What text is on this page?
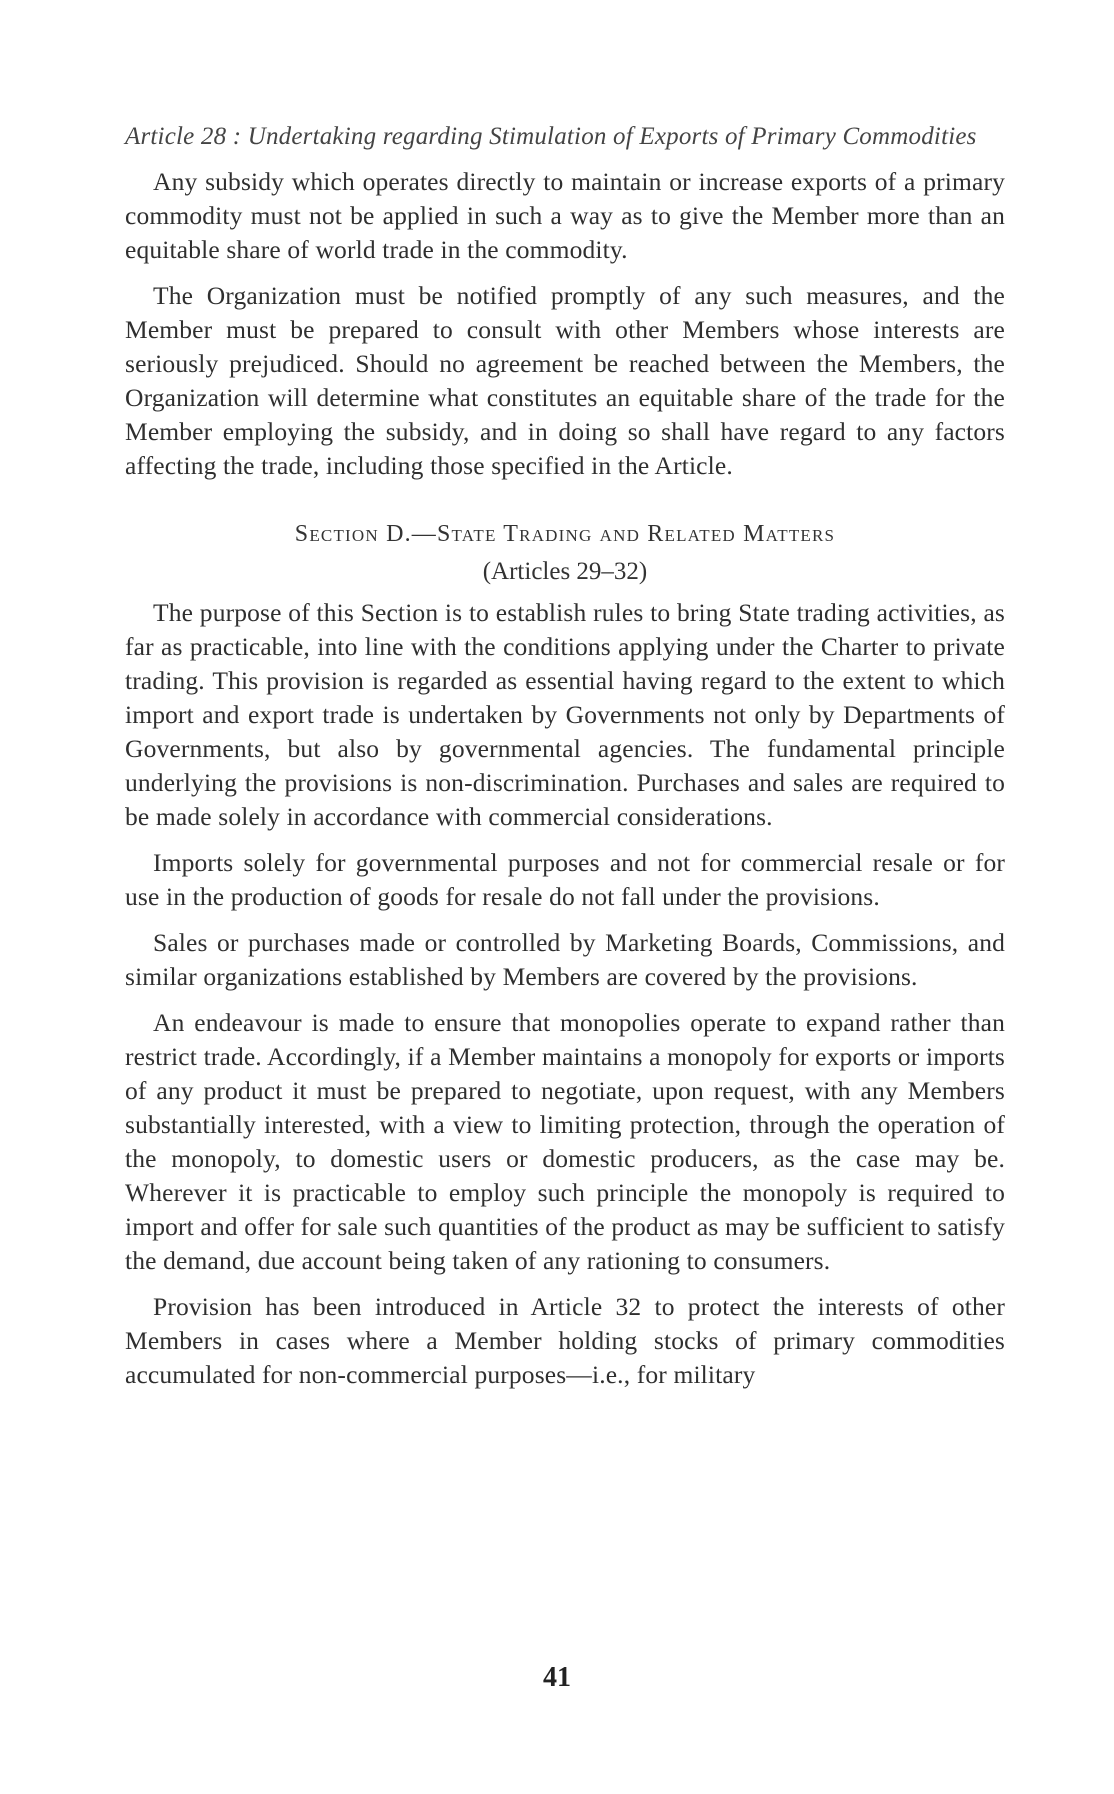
Article 28 : Undertaking regarding Stimulation of Exports of Primary Commodities

Any subsidy which operates directly to maintain or increase exports of a primary commodity must not be applied in such a way as to give the Member more than an equitable share of world trade in the commodity.

The Organization must be notified promptly of any such measures, and the Member must be prepared to consult with other Members whose interests are seriously prejudiced. Should no agreement be reached between the Members, the Organization will determine what constitutes an equitable share of the trade for the Member employing the subsidy, and in doing so shall have regard to any factors affecting the trade, including those specified in the Article.

Section D.—State Trading and Related Matters
(Articles 29–32)

The purpose of this Section is to establish rules to bring State trading activities, as far as practicable, into line with the conditions applying under the Charter to private trading. This provision is regarded as essential having regard to the extent to which import and export trade is undertaken by Governments not only by Departments of Governments, but also by governmental agencies. The fundamental principle underlying the provisions is non-discrimination. Purchases and sales are required to be made solely in accordance with commercial considerations.

Imports solely for governmental purposes and not for commercial resale or for use in the production of goods for resale do not fall under the provisions.

Sales or purchases made or controlled by Marketing Boards, Commissions, and similar organizations established by Members are covered by the provisions.

An endeavour is made to ensure that monopolies operate to expand rather than restrict trade. Accordingly, if a Member maintains a monopoly for exports or imports of any product it must be prepared to negotiate, upon request, with any Members substantially interested, with a view to limiting protection, through the operation of the monopoly, to domestic users or domestic producers, as the case may be. Wherever it is practicable to employ such principle the monopoly is required to import and offer for sale such quantities of the product as may be sufficient to satisfy the demand, due account being taken of any rationing to consumers.

Provision has been introduced in Article 32 to protect the interests of other Members in cases where a Member holding stocks of primary commodities accumulated for non-commercial purposes—i.e., for military

41
